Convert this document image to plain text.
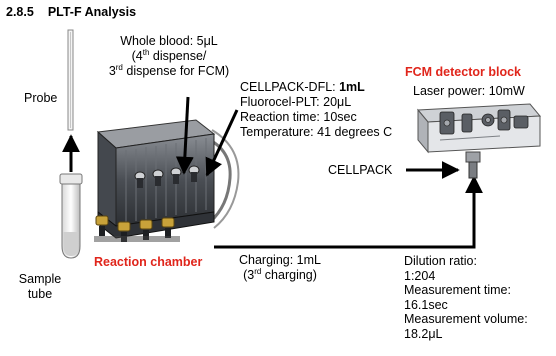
2.8.5 PLT-F Analysis
Probe
Sample
tube
Whole blood: 5μL
(4th dispense/
3rd dispense for FCM)
CELLPACK-DFL: 1mL
Fluorocel-PLT: 20μL
Reaction time: 10sec
Temperature: 41 degrees C
FCM detector block
Laser power: 10mW
CELLPACK
Reaction chamber	Charging: 1mL
(3rd charging)
Dilution ratio:
1:204
Measurement time:
16.1sec
Measurement volume:
18.2μL
